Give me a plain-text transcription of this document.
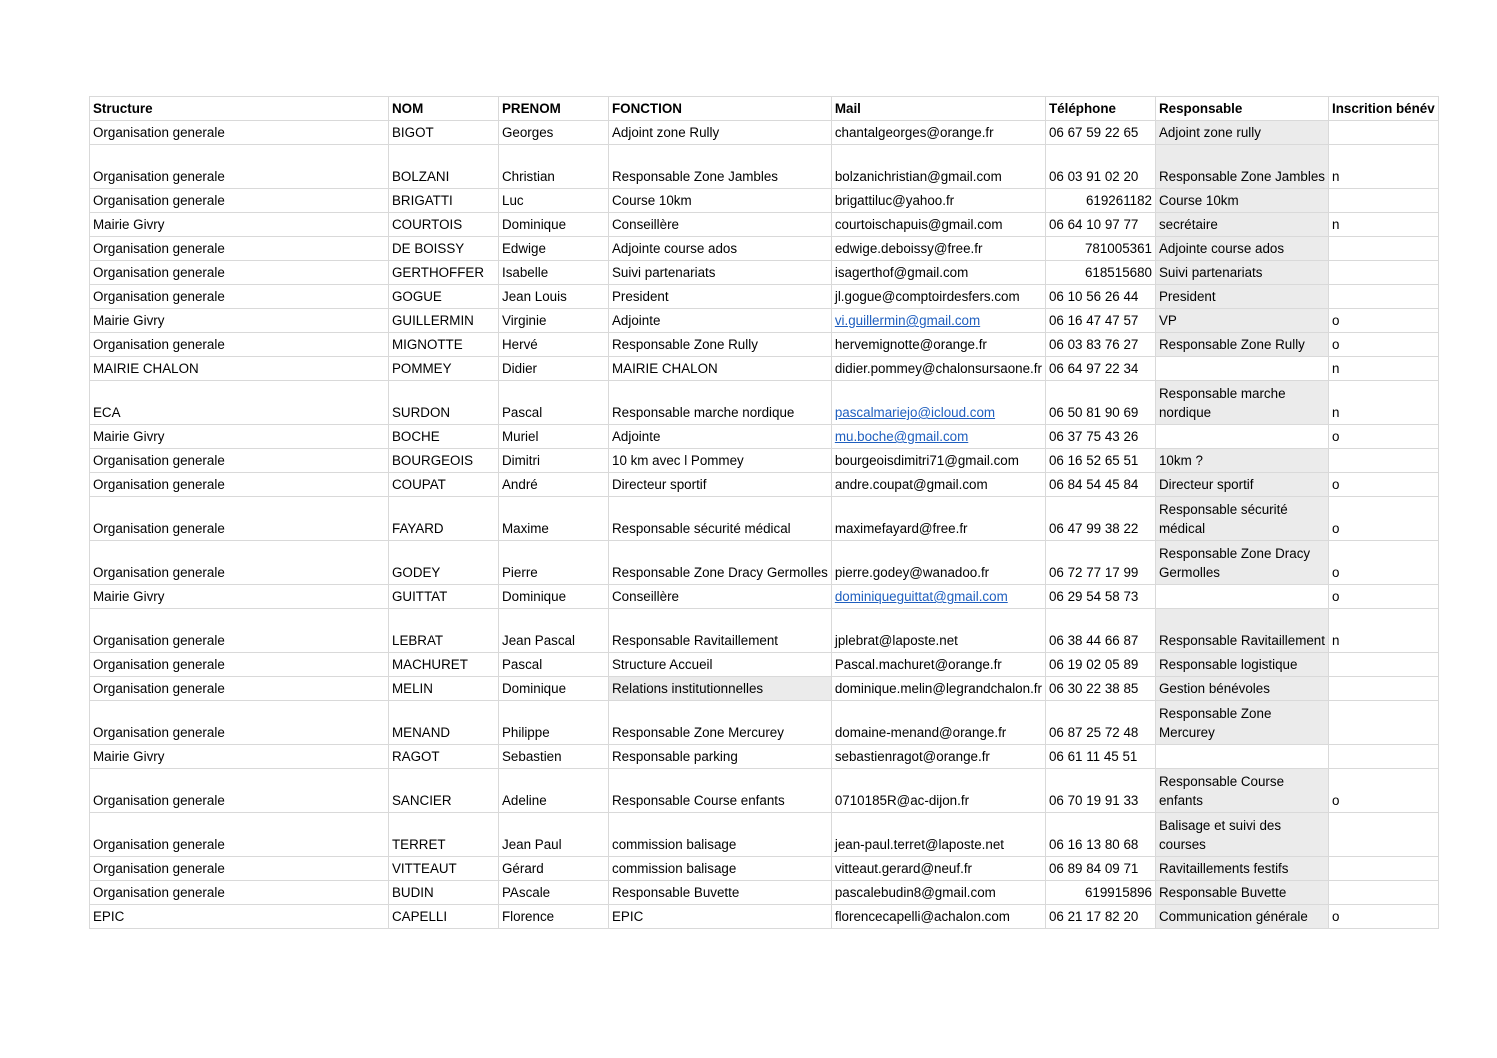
Structure	NOM	PRENOM	FONCTION	Mail	Téléphone	Responsable	Inscrition bénév
Organisation generale	BIGOT	Georges	Adjoint zone Rully	chantalgeorges@orange.fr	06 67 59 22 65	Adjoint zone rully	
Organisation generale	BOLZANI	Christian	Responsable Zone Jambles	bolzanichristian@gmail.com	06 03 91 02 20	Responsable Zone Jambles	n
Organisation generale	BRIGATTI	Luc	Course 10km	brigattiluc@yahoo.fr	619261182	Course 10km	
Mairie Givry	COURTOIS	Dominique	Conseillère	courtoischapuis@gmail.com	06 64 10 97 77	secrétaire	n
Organisation generale	DE BOISSY	Edwige	Adjointe course ados	edwige.deboissy@free.fr	781005361	Adjointe course ados	
Organisation generale	GERTHOFFER	Isabelle	Suivi partenariats	isagerthof@gmail.com	618515680	Suivi partenariats	
Organisation generale	GOGUE	Jean Louis	President	jl.gogue@comptoirdesfers.com	06 10 56 26 44	President	
Mairie Givry	GUILLERMIN	Virginie	Adjointe	vi.guillermin@gmail.com	06 16 47 47 57	VP	o
Organisation generale	MIGNOTTE	Hervé	Responsable Zone Rully	hervemignotte@orange.fr	06 03 83 76 27	Responsable Zone Rully	o
MAIRIE CHALON	POMMEY	Didier	MAIRIE CHALON	didier.pommey@chalonsursaone.fr	06 64 97 22 34		n
ECA	SURDON	Pascal	Responsable marche nordique	pascalmariejo@icloud.com	06 50 81 90 69	Responsable marche nordique	n
Mairie Givry	BOCHE	Muriel	Adjointe	mu.boche@gmail.com	06 37 75 43 26		o
Organisation generale	BOURGEOIS	Dimitri	10 km avec l Pommey	bourgeoisdimitri71@gmail.com	06 16 52 65 51	10km ?	
Organisation generale	COUPAT	André	Directeur sportif	andre.coupat@gmail.com	06 84 54 45 84	Directeur sportif	o
Organisation generale	FAYARD	Maxime	Responsable sécurité médical	maximefayard@free.fr	06 47 99 38 22	Responsable sécurité médical	o
Organisation generale	GODEY	Pierre	Responsable Zone Dracy Germolles	pierre.godey@wanadoo.fr	06 72 77 17 99	Responsable Zone Dracy Germolles	o
Mairie Givry	GUITTAT	Dominique	Conseillère	dominiqueguittat@gmail.com	06 29 54 58 73		o
Organisation generale	LEBRAT	Jean Pascal	Responsable Ravitaillement	jplebrat@laposte.net	06 38 44 66 87	Responsable Ravitaillement	n
Organisation generale	MACHURET	Pascal	Structure Accueil	Pascal.machuret@orange.fr	06 19 02 05 89	Responsable logistique	
Organisation generale	MELIN	Dominique	Relations institutionnelles	dominique.melin@legrandchalon.fr	06 30 22 38 85	Gestion bénévoles	
Organisation generale	MENAND	Philippe	Responsable Zone Mercurey	domaine-menand@orange.fr	06 87 25 72 48	Responsable Zone Mercurey	
Mairie Givry	RAGOT	Sebastien	Responsable parking	sebastienragot@orange.fr	06 61 11 45 51		
Organisation generale	SANCIER	Adeline	Responsable Course enfants	0710185R@ac-dijon.fr	06 70 19 91 33	Responsable Course enfants	o
Organisation generale	TERRET	Jean Paul	commission balisage	jean-paul.terret@laposte.net	06 16 13 80 68	Balisage et suivi des courses	
Organisation generale	VITTEAUT	Gérard	commission balisage	vitteaut.gerard@neuf.fr	06 89 84 09 71	Ravitaillements festifs	
Organisation generale	BUDIN	PAscale	Responsable Buvette	pascalebudin8@gmail.com	619915896	Responsable Buvette	
EPIC	CAPELLI	Florence	EPIC	florencecapelli@achalon.com	06 21 17 82 20	Communication générale	o
